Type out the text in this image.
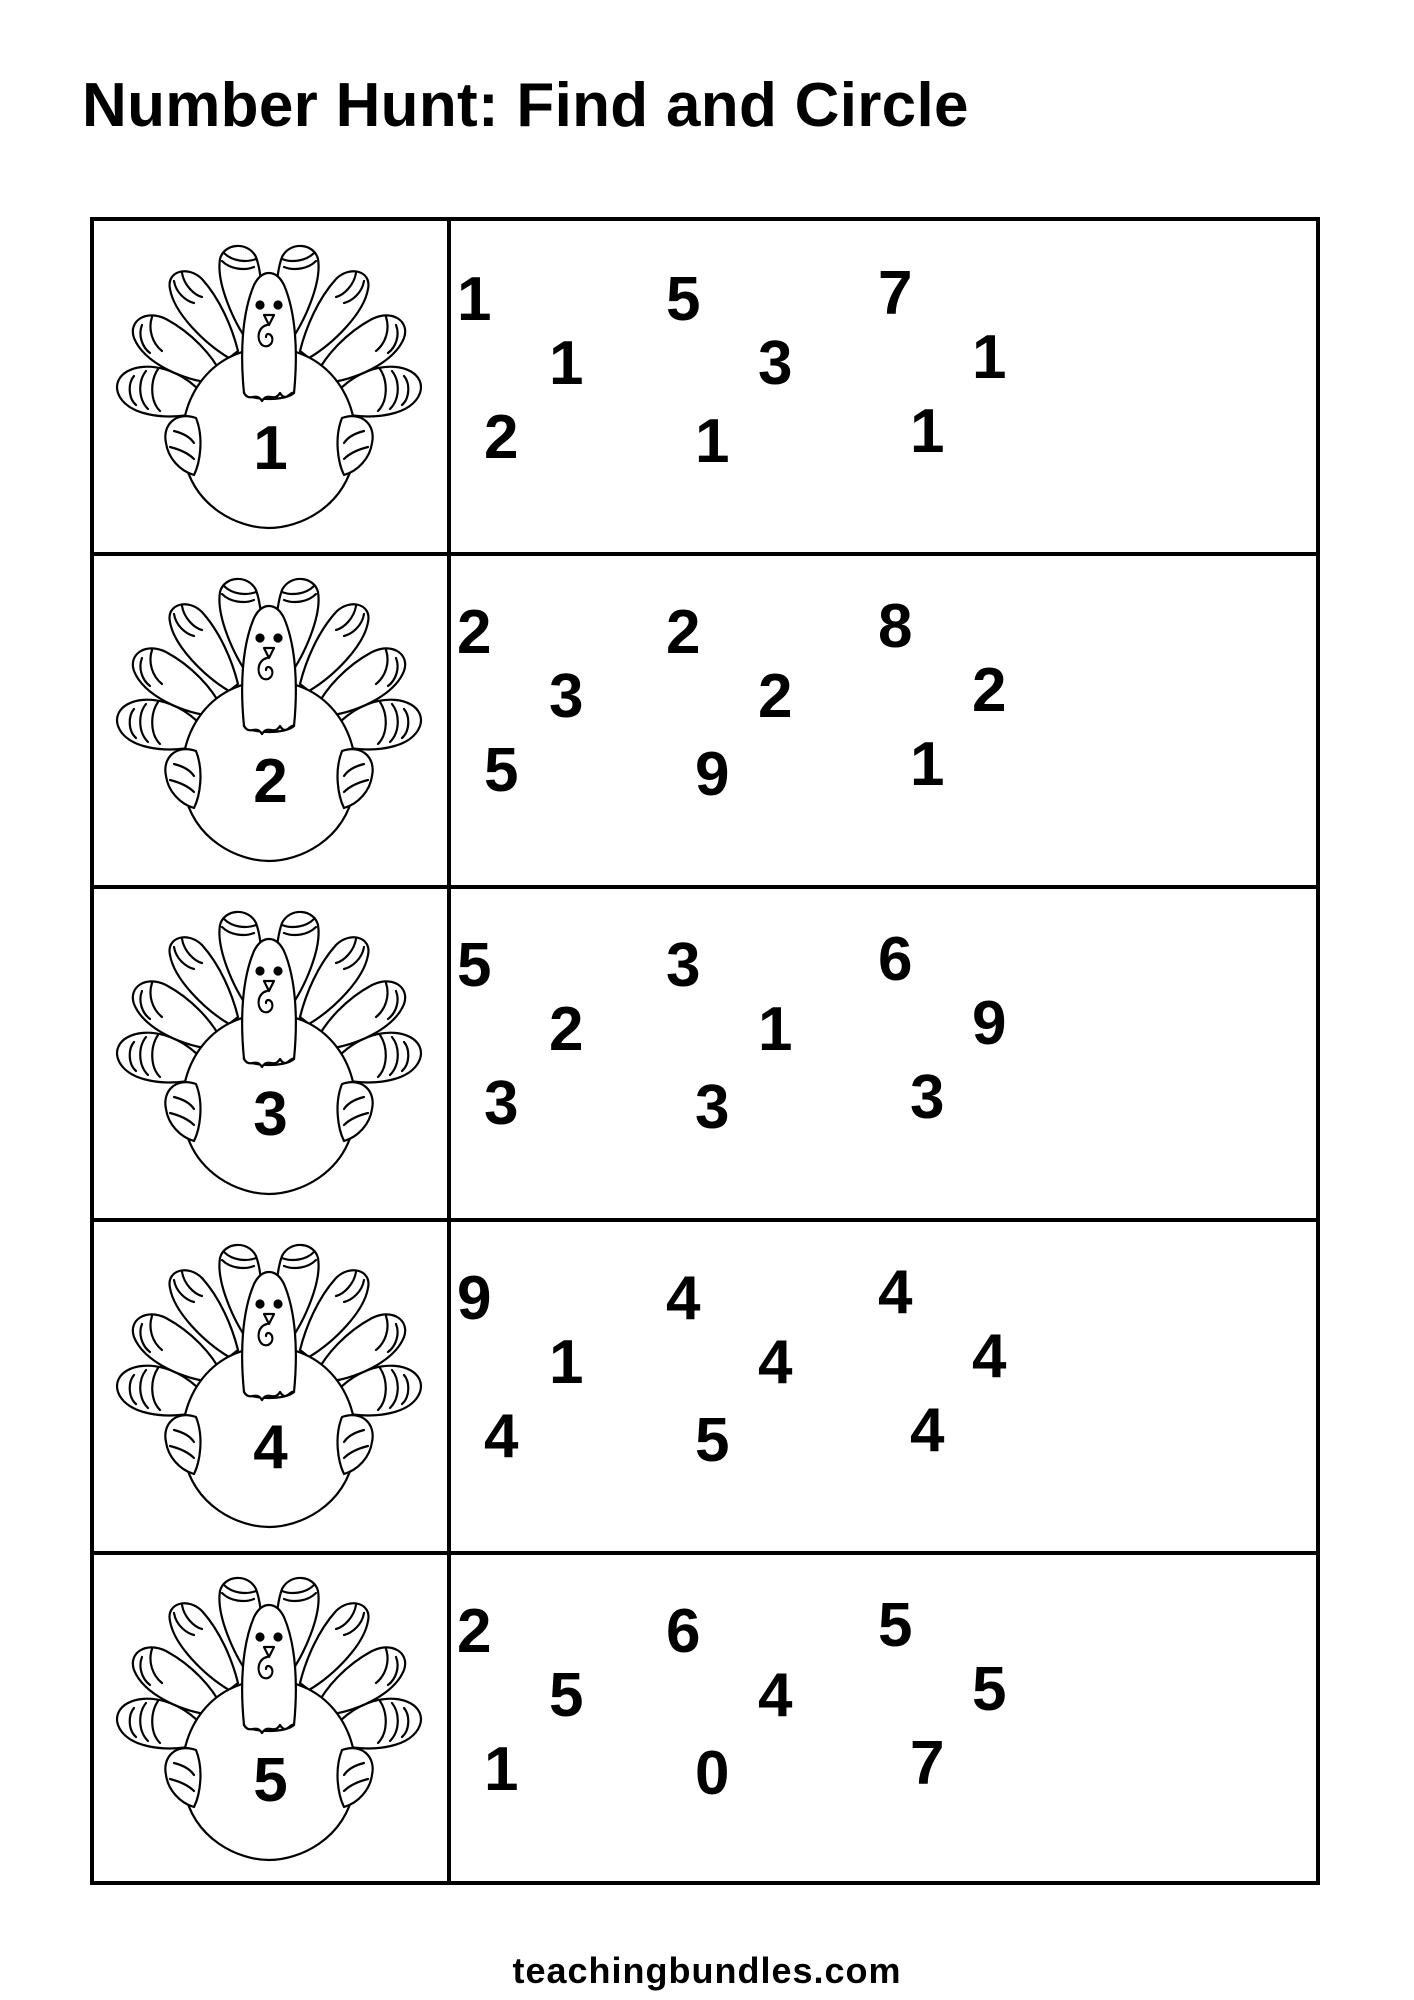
Number Hunt: Find and Circle
1
1	5	7
1	3	1
2	1	1
2
2	2	8
3	2	2
5	9	1
3
5	3	6
2	1	9
3	3	3
4
9	4	4
1	4	4
4	5	4
5
2	6	5
5	4	5
1	0	7
teachingbundles.com
